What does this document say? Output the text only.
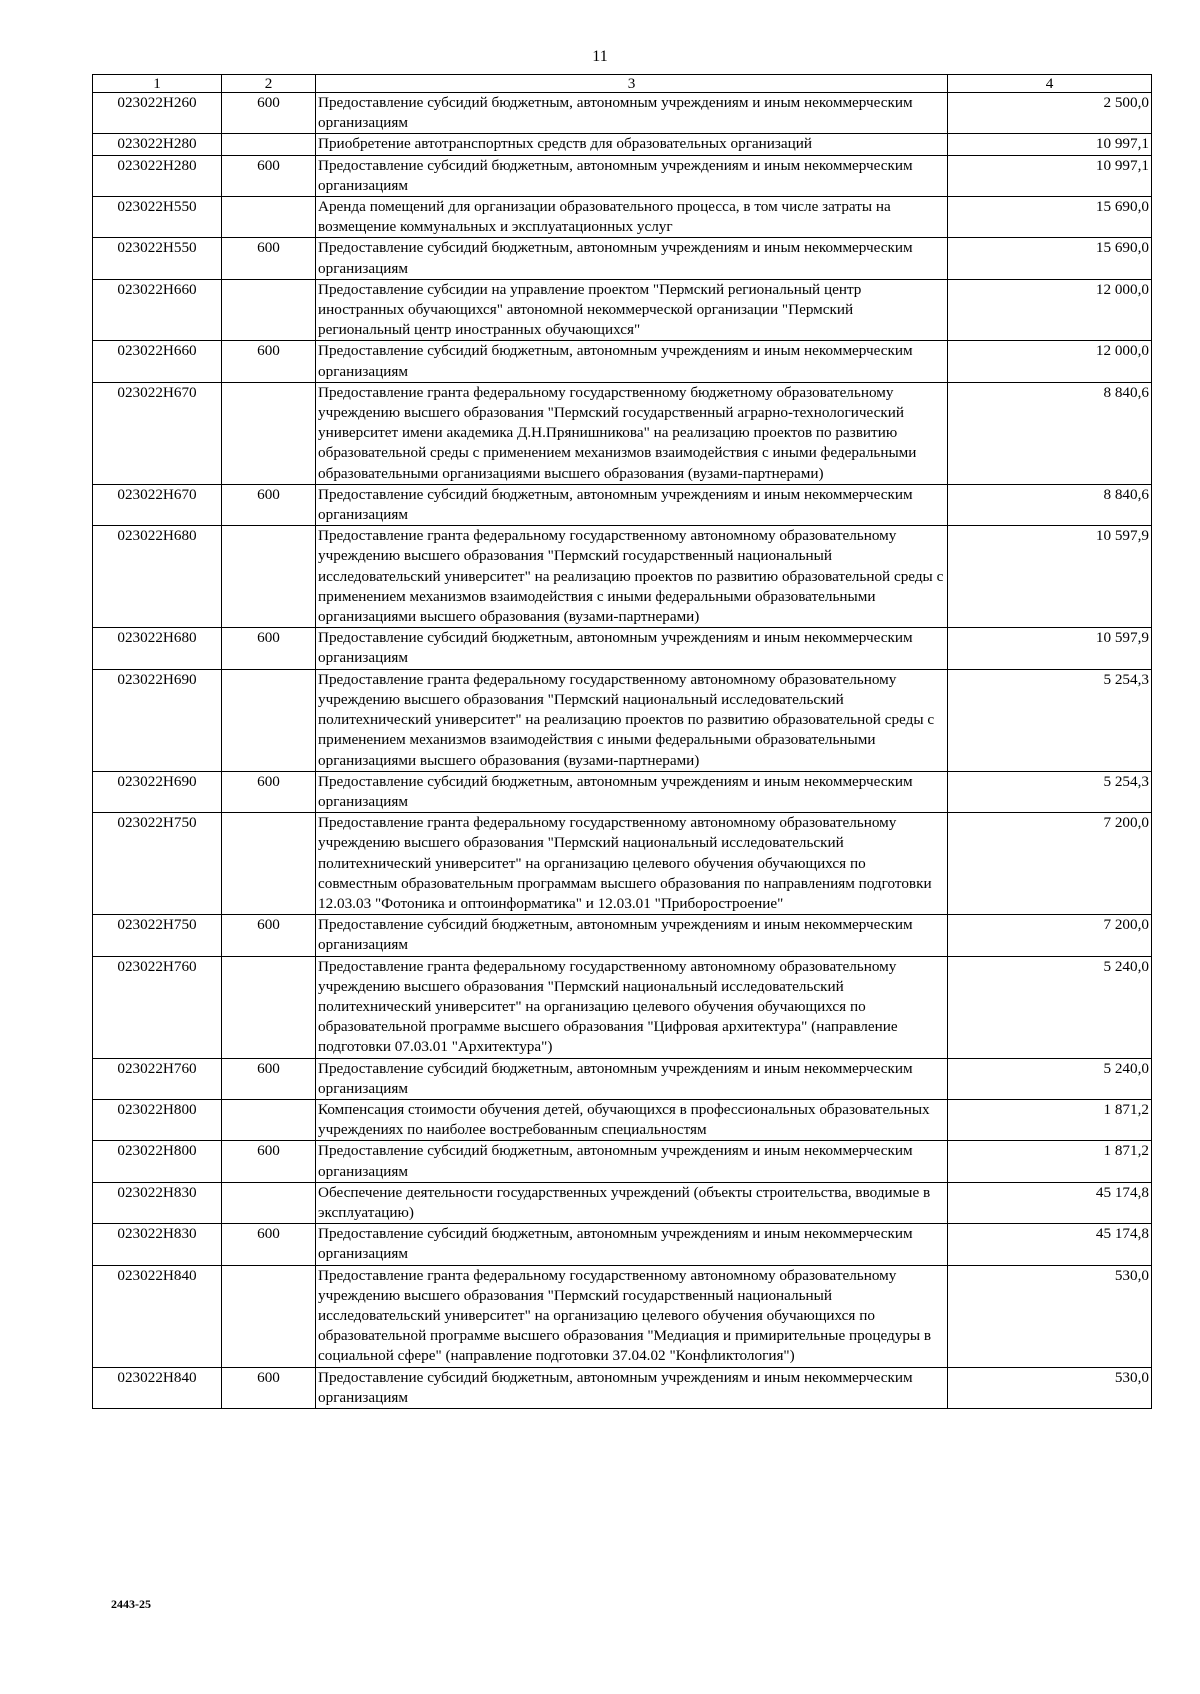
11
1	2	3	4
023022Н260	600	Предоставление субсидий бюджетным, автономным учреждениям и иным некоммерческим организациям	2 500,0
023022Н280		Приобретение автотранспортных средств для образовательных организаций	10 997,1
023022Н280	600	Предоставление субсидий бюджетным, автономным учреждениям и иным некоммерческим организациям	10 997,1
023022Н550		Аренда помещений для организации образовательного процесса, в том числе затраты на возмещение коммунальных и эксплуатационных услуг	15 690,0
023022Н550	600	Предоставление субсидий бюджетным, автономным учреждениям и иным некоммерческим организациям	15 690,0
023022Н660		Предоставление субсидии на управление проектом "Пермский региональный центр иностранных обучающихся" автономной некоммерческой организации "Пермский региональный центр иностранных обучающихся"	12 000,0
023022Н660	600	Предоставление субсидий бюджетным, автономным учреждениям и иным некоммерческим организациям	12 000,0
023022Н670		Предоставление гранта федеральному государственному бюджетному образовательному учреждению высшего образования "Пермский государственный аграрно-технологический университет имени академика Д.Н.Прянишникова" на реализацию проектов по развитию образовательной среды с применением механизмов взаимодействия с иными федеральными образовательными организациями высшего образования (вузами-партнерами)	8 840,6
023022Н670	600	Предоставление субсидий бюджетным, автономным учреждениям и иным некоммерческим организациям	8 840,6
023022Н680		Предоставление гранта федеральному государственному автономному образовательному учреждению высшего образования "Пермский государственный национальный исследовательский университет" на реализацию проектов по развитию образовательной среды с применением механизмов взаимодействия с иными федеральными образовательными организациями высшего образования (вузами-партнерами)	10 597,9
023022Н680	600	Предоставление субсидий бюджетным, автономным учреждениям и иным некоммерческим организациям	10 597,9
023022Н690		Предоставление гранта федеральному государственному автономному образовательному учреждению высшего образования "Пермский национальный исследовательский политехнический университет" на реализацию проектов по развитию образовательной среды с применением механизмов взаимодействия с иными федеральными образовательными организациями высшего образования (вузами-партнерами)	5 254,3
023022Н690	600	Предоставление субсидий бюджетным, автономным учреждениям и иным некоммерческим организациям	5 254,3
023022Н750		Предоставление гранта федеральному государственному автономному образовательному учреждению высшего образования "Пермский национальный исследовательский политехнический университет" на организацию целевого обучения обучающихся по совместным образовательным программам высшего образования по направлениям подготовки 12.03.03 "Фотоника и оптоинформатика" и 12.03.01 "Приборостроение"	7 200,0
023022Н750	600	Предоставление субсидий бюджетным, автономным учреждениям и иным некоммерческим организациям	7 200,0
023022Н760		Предоставление гранта федеральному государственному автономному образовательному учреждению высшего образования "Пермский национальный исследовательский политехнический университет" на организацию целевого обучения обучающихся по образовательной программе высшего образования "Цифровая архитектура" (направление подготовки 07.03.01 "Архитектура")	5 240,0
023022Н760	600	Предоставление субсидий бюджетным, автономным учреждениям и иным некоммерческим организациям	5 240,0
023022Н800		Компенсация стоимости обучения детей, обучающихся в профессиональных образовательных учреждениях по наиболее востребованным специальностям	1 871,2
023022Н800	600	Предоставление субсидий бюджетным, автономным учреждениям и иным некоммерческим организациям	1 871,2
023022Н830		Обеспечение деятельности государственных учреждений (объекты строительства, вводимые в эксплуатацию)	45 174,8
023022Н830	600	Предоставление субсидий бюджетным, автономным учреждениям и иным некоммерческим организациям	45 174,8
023022Н840		Предоставление гранта федеральному государственному автономному образовательному учреждению высшего образования "Пермский государственный национальный исследовательский университет" на организацию целевого обучения обучающихся по образовательной программе высшего образования "Медиация и примирительные процедуры в социальной сфере" (направление подготовки 37.04.02 "Конфликтология")	530,0
023022Н840	600	Предоставление субсидий бюджетным, автономным учреждениям и иным некоммерческим организациям	530,0
2443-25
